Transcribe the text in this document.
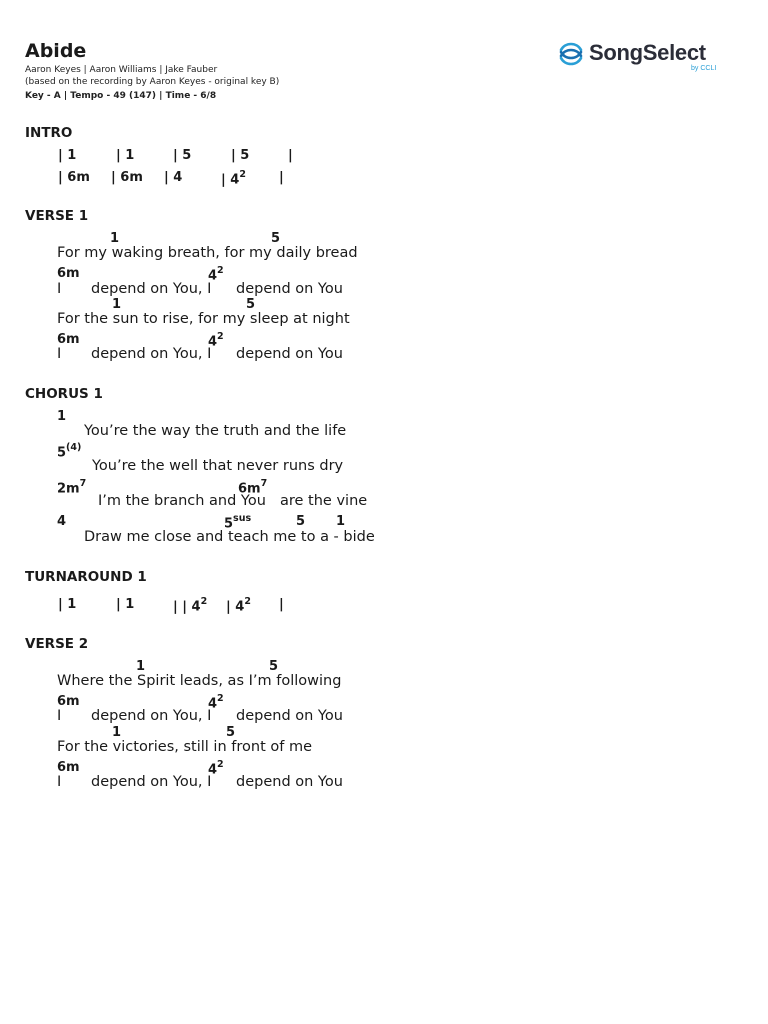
Abide
Aaron Keyes | Aaron Williams | Jake Fauber
(based on the recording by Aaron Keyes - original key B)
Key - A | Tempo - 49 (147) | Time - 6/8
SongSelect
by CCLI
INTRO
| 1	| 1	| 5	| 5	|
| 6m | 6m | 4	| $4^2$	|
VERSE 1
1	5
For my waking breath, for my daily bread
6m	$4^2$
I depend on You, I depend on You
1	5
For the sun to rise, for my sleep at night
6m	$4^2$
I depend on You, I depend on You
CHORUS 1
1
You’re the way the truth and the life
5$^{(4)}$
You’re the well that never runs dry
$2m^7$	$6m^7$
I’m the branch and You are the vine
4	$5^{sus}$	5 1
Draw me close and teach me to a - bide
TURNAROUND 1
| 1	| 1	| | $4^2$ | $4^2$ |
VERSE 2
1	5
Where the Spirit leads, as I’m following
6m	$4^2$
I depend on You, I depend on You
1	5
For the victories, still in front of me
6m	$4^2$
I depend on You, I depend on You
